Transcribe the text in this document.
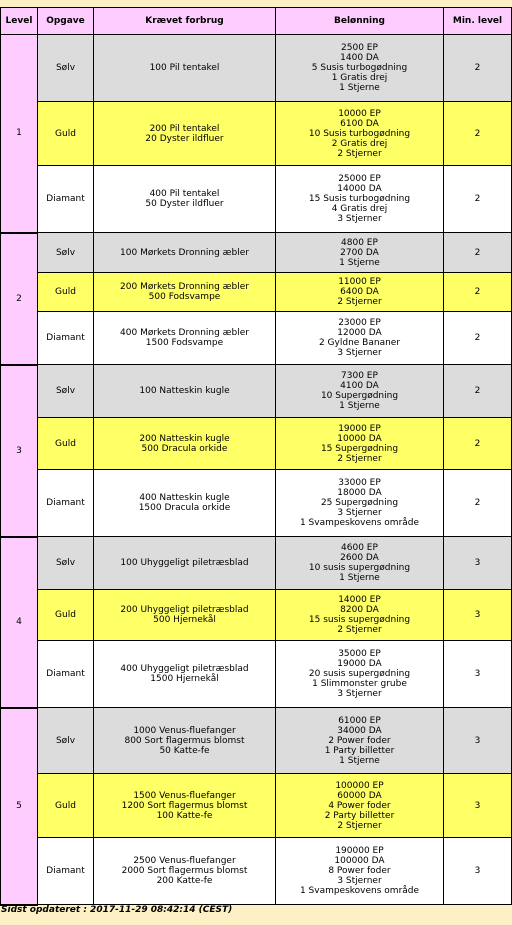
Level	Opgave	Krævet forbrug	Belønning	Min. level
1	Sølv	100 Pil tentakel	2500 EP
1400 DA
5 Susis turbogødning
1 Gratis drej
1 Stjerne	2
	Guld	200 Pil tentakel
20 Dyster ildfluer	10000 EP
6100 DA
10 Susis turbogødning
2 Gratis drej
2 Stjerner	2
	Diamant	400 Pil tentakel
50 Dyster ildfluer	25000 EP
14000 DA
15 Susis turbogødning
4 Gratis drej
3 Stjerner	2
2	Sølv	100 Mørkets Dronning æbler	4800 EP
2700 DA
1 Stjerne	2
	Guld	200 Mørkets Dronning æbler
500 Fodsvampe	11000 EP
6400 DA
2 Stjerner	2
	Diamant	400 Mørkets Dronning æbler
1500 Fodsvampe	23000 EP
12000 DA
2 Gyldne Bananer
3 Stjerner	2
3	Sølv	100 Natteskin kugle	7300 EP
4100 DA
10 Supergødning
1 Stjerne	2
	Guld	200 Natteskin kugle
500 Dracula orkide	19000 EP
10000 DA
15 Supergødning
2 Stjerner	2
	Diamant	400 Natteskin kugle
1500 Dracula orkide	33000 EP
18000 DA
25 Supergødning
3 Stjerner
1 Svampeskovens område	2
4	Sølv	100 Uhyggeligt piletræsblad	4600 EP
2600 DA
10 susis supergødning
1 Stjerne	3
	Guld	200 Uhyggeligt piletræsblad
500 Hjernekål	14000 EP
8200 DA
15 susis supergødning
2 Stjerner	3
	Diamant	400 Uhyggeligt piletræsblad
1500 Hjernekål	35000 EP
19000 DA
20 susis supergødning
1 Slimmonster grube
3 Stjerner	3
5	Sølv	1000 Venus-fluefanger
800 Sort flagermus blomst
50 Katte-fe	61000 EP
34000 DA
2 Power foder
1 Party billetter
1 Stjerne	3
	Guld	1500 Venus-fluefanger
1200 Sort flagermus blomst
100 Katte-fe	100000 EP
60000 DA
4 Power foder
2 Party billetter
2 Stjerner	3
	Diamant	2500 Venus-fluefanger
2000 Sort flagermus blomst
200 Katte-fe	190000 EP
100000 DA
8 Power foder
3 Stjerner
1 Svampeskovens område	3
Sidst opdateret : 2017-11-29 08:42:14 (CEST)
